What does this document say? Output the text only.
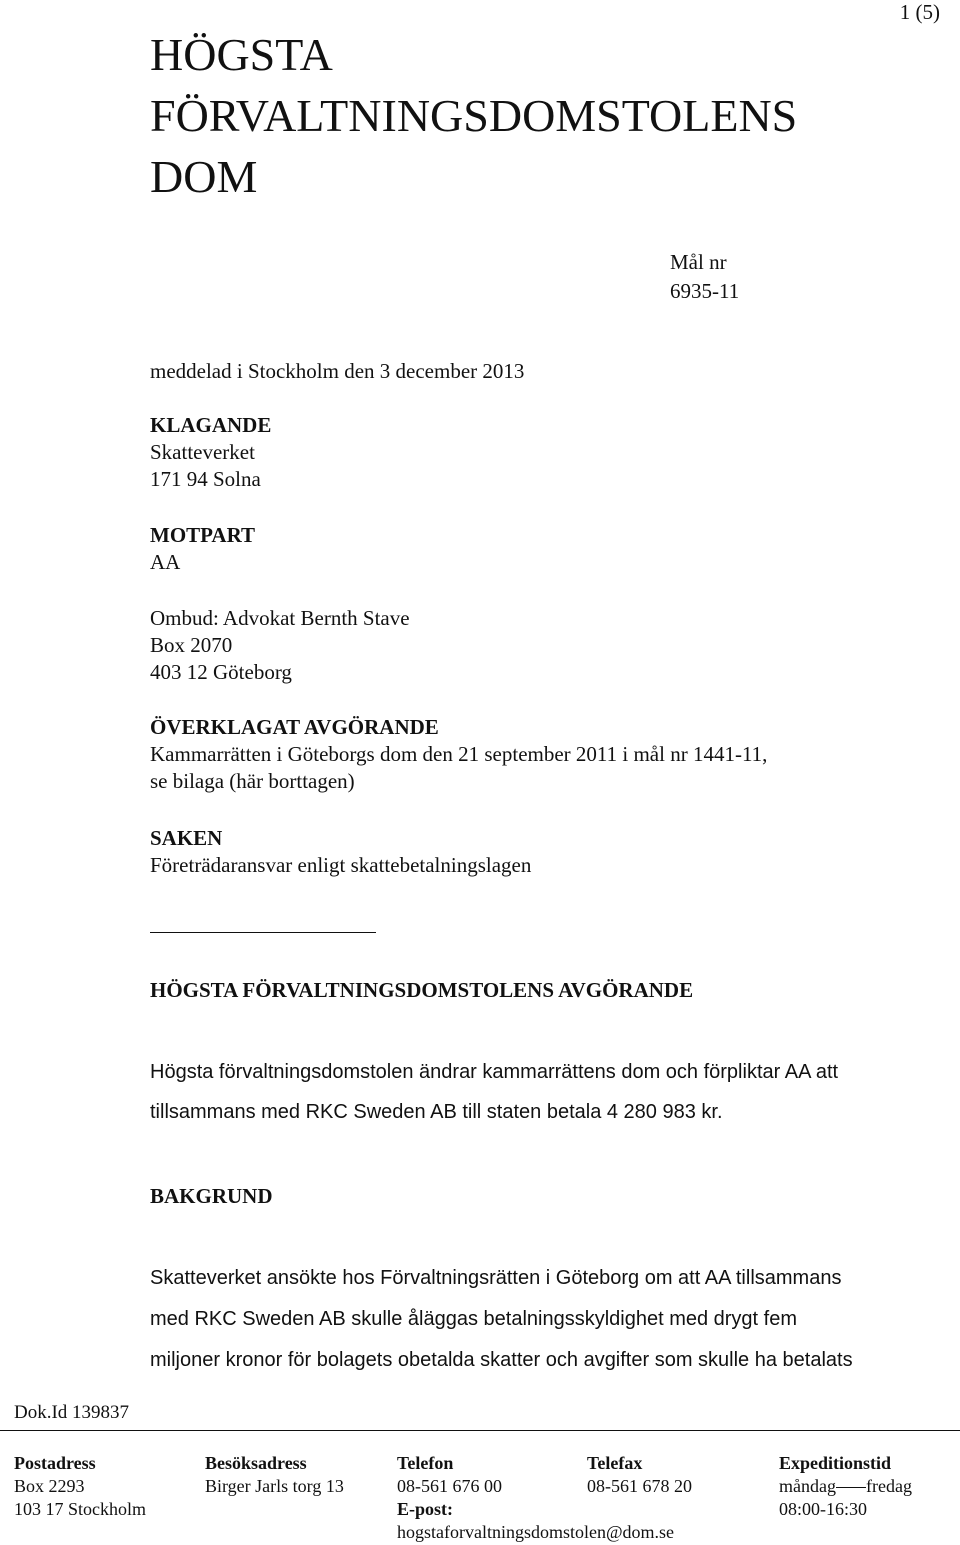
1 (5)
HÖGSTA
FÖRVALTNINGSDOMSTOLENS
DOM
Mål nr
6935-11
meddelad i Stockholm den 3 december 2013
KLAGANDE
Skatteverket
171 94 Solna
MOTPART
AA
Ombud: Advokat Bernth Stave
Box 2070
403 12 Göteborg
ÖVERKLAGAT AVGÖRANDE
Kammarrätten i Göteborgs dom den 21 september 2011 i mål nr 1441-11,
se bilaga (här borttagen)
SAKEN
Företrädaransvar enligt skattebetalningslagen
HÖGSTA FÖRVALTNINGSDOMSTOLENS AVGÖRANDE
Högsta förvaltningsdomstolen ändrar kammarrättens dom och förpliktar AA att
tillsammans med RKC Sweden AB till staten betala 4 280 983 kr.
BAKGRUND
Skatteverket ansökte hos Förvaltningsrätten i Göteborg om att AA tillsammans
med RKC Sweden AB skulle åläggas betalningsskyldighet med drygt fem
miljoner kronor för bolagets obetalda skatter och avgifter som skulle ha betalats
Dok.Id 139837
Postadress
Box 2293
103 17 Stockholm
Besöksadress
Birger Jarls torg 13
Telefon
08-561 676 00
E-post:
hogstaforvaltningsdomstolen@dom.se
Telefax
08-561 678 20
Expeditionstid
måndag fredag
08:00-16:30
